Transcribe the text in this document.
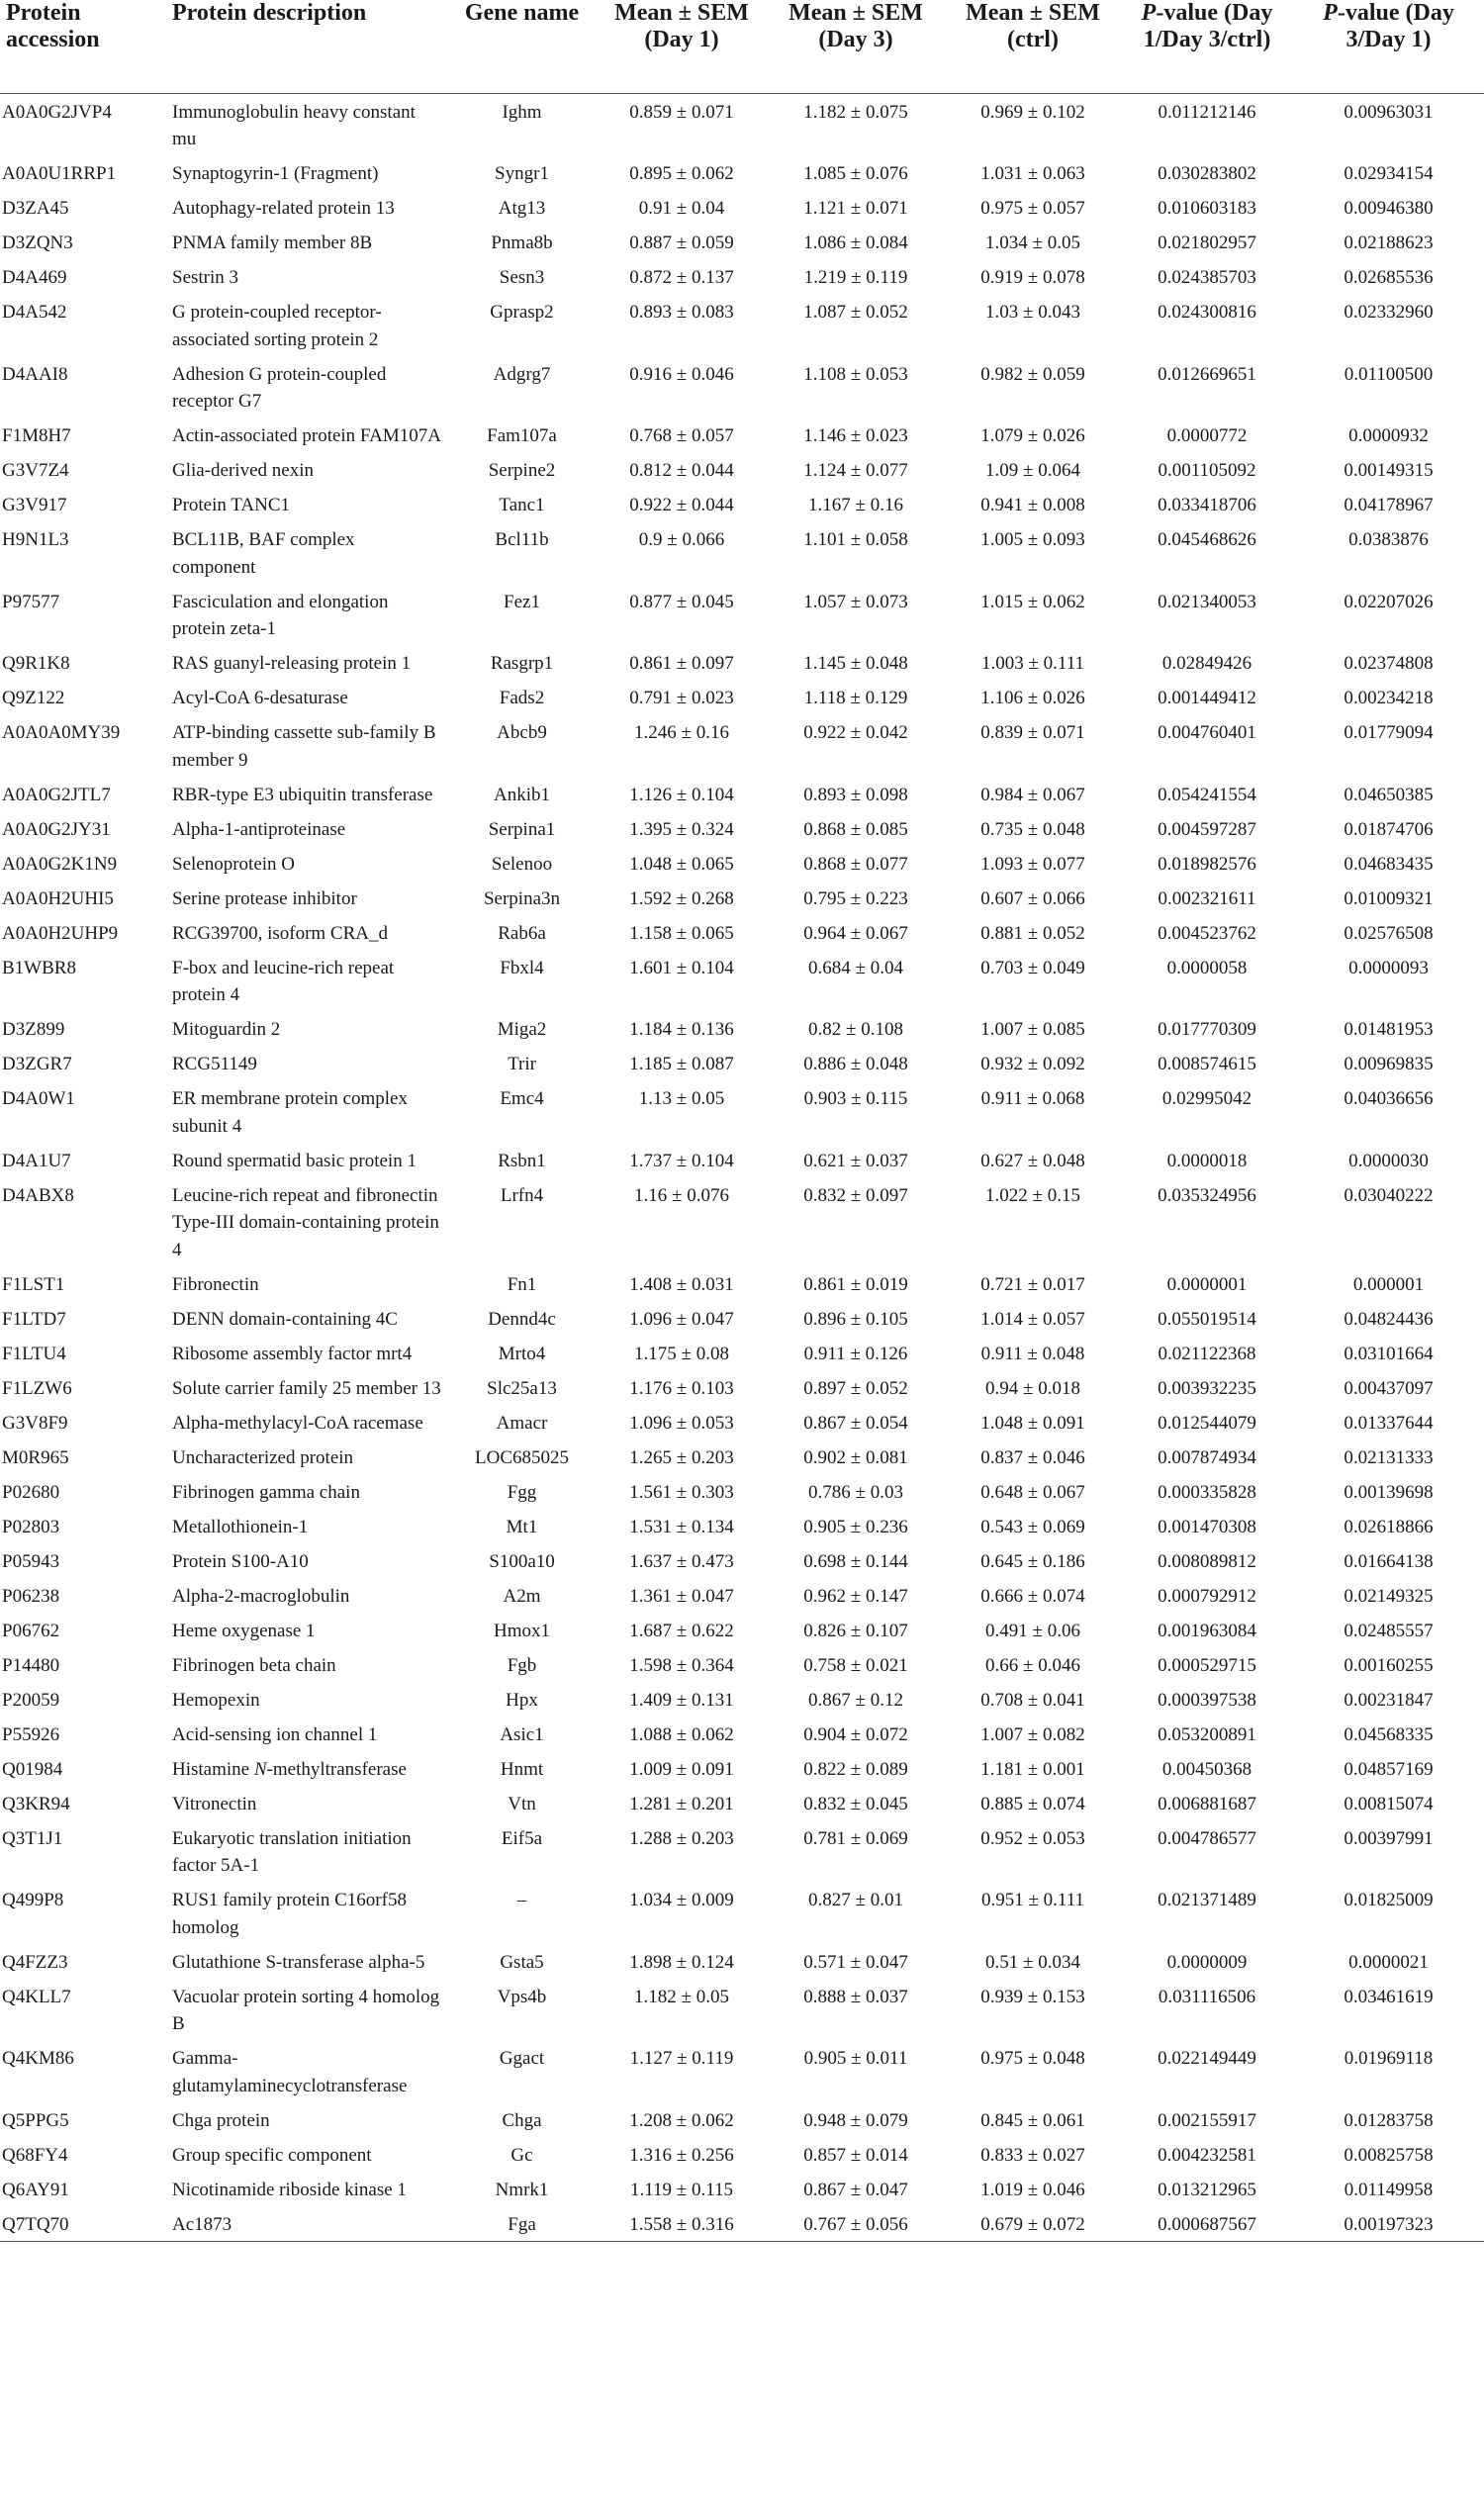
Protein accession	Protein description	Gene name	Mean ± SEM (Day 1)	Mean ± SEM (Day 3)	Mean ± SEM (ctrl)	P-value (Day 1/Day 3/ctrl)	P-value (Day 3/Day 1)
A0A0G2JVP4	Immunoglobulin heavy constant mu	Ighm	0.859 ± 0.071	1.182 ± 0.075	0.969 ± 0.102	0.011212146	0.00963031
A0A0U1RRP1	Synaptogyrin-1 (Fragment)	Syngr1	0.895 ± 0.062	1.085 ± 0.076	1.031 ± 0.063	0.030283802	0.02934154
D3ZA45	Autophagy-related protein 13	Atg13	0.91 ± 0.04	1.121 ± 0.071	0.975 ± 0.057	0.010603183	0.00946380
D3ZQN3	PNMA family member 8B	Pnma8b	0.887 ± 0.059	1.086 ± 0.084	1.034 ± 0.05	0.021802957	0.02188623
D4A469	Sestrin 3	Sesn3	0.872 ± 0.137	1.219 ± 0.119	0.919 ± 0.078	0.024385703	0.02685536
D4A542	G protein-coupled receptor-associated sorting protein 2	Gprasp2	0.893 ± 0.083	1.087 ± 0.052	1.03 ± 0.043	0.024300816	0.02332960
D4AAI8	Adhesion G protein-coupled receptor G7	Adgrg7	0.916 ± 0.046	1.108 ± 0.053	0.982 ± 0.059	0.012669651	0.01100500
F1M8H7	Actin-associated protein FAM107A	Fam107a	0.768 ± 0.057	1.146 ± 0.023	1.079 ± 0.026	0.0000772	0.0000932
G3V7Z4	Glia-derived nexin	Serpine2	0.812 ± 0.044	1.124 ± 0.077	1.09 ± 0.064	0.001105092	0.00149315
G3V917	Protein TANC1	Tanc1	0.922 ± 0.044	1.167 ± 0.16	0.941 ± 0.008	0.033418706	0.04178967
H9N1L3	BCL11B, BAF complex component	Bcl11b	0.9 ± 0.066	1.101 ± 0.058	1.005 ± 0.093	0.045468626	0.0383876
P97577	Fasciculation and elongation protein zeta-1	Fez1	0.877 ± 0.045	1.057 ± 0.073	1.015 ± 0.062	0.021340053	0.02207026
Q9R1K8	RAS guanyl-releasing protein 1	Rasgrp1	0.861 ± 0.097	1.145 ± 0.048	1.003 ± 0.111	0.02849426	0.02374808
Q9Z122	Acyl-CoA 6-desaturase	Fads2	0.791 ± 0.023	1.118 ± 0.129	1.106 ± 0.026	0.001449412	0.00234218
A0A0A0MY39	ATP-binding cassette sub-family B member 9	Abcb9	1.246 ± 0.16	0.922 ± 0.042	0.839 ± 0.071	0.004760401	0.01779094
A0A0G2JTL7	RBR-type E3 ubiquitin transferase	Ankib1	1.126 ± 0.104	0.893 ± 0.098	0.984 ± 0.067	0.054241554	0.04650385
A0A0G2JY31	Alpha-1-antiproteinase	Serpina1	1.395 ± 0.324	0.868 ± 0.085	0.735 ± 0.048	0.004597287	0.01874706
A0A0G2K1N9	Selenoprotein O	Selenoo	1.048 ± 0.065	0.868 ± 0.077	1.093 ± 0.077	0.018982576	0.04683435
A0A0H2UHI5	Serine protease inhibitor	Serpina3n	1.592 ± 0.268	0.795 ± 0.223	0.607 ± 0.066	0.002321611	0.01009321
A0A0H2UHP9	RCG39700, isoform CRA_d	Rab6a	1.158 ± 0.065	0.964 ± 0.067	0.881 ± 0.052	0.004523762	0.02576508
B1WBR8	F-box and leucine-rich repeat protein 4	Fbxl4	1.601 ± 0.104	0.684 ± 0.04	0.703 ± 0.049	0.0000058	0.0000093
D3Z899	Mitoguardin 2	Miga2	1.184 ± 0.136	0.82 ± 0.108	1.007 ± 0.085	0.017770309	0.01481953
D3ZGR7	RCG51149	Trir	1.185 ± 0.087	0.886 ± 0.048	0.932 ± 0.092	0.008574615	0.00969835
D4A0W1	ER membrane protein complex subunit 4	Emc4	1.13 ± 0.05	0.903 ± 0.115	0.911 ± 0.068	0.02995042	0.04036656
D4A1U7	Round spermatid basic protein 1	Rsbn1	1.737 ± 0.104	0.621 ± 0.037	0.627 ± 0.048	0.0000018	0.0000030
D4ABX8	Leucine-rich repeat and fibronectin Type-III domain-containing protein 4	Lrfn4	1.16 ± 0.076	0.832 ± 0.097	1.022 ± 0.15	0.035324956	0.03040222
F1LST1	Fibronectin	Fn1	1.408 ± 0.031	0.861 ± 0.019	0.721 ± 0.017	0.0000001	0.000001
F1LTD7	DENN domain-containing 4C	Dennd4c	1.096 ± 0.047	0.896 ± 0.105	1.014 ± 0.057	0.055019514	0.04824436
F1LTU4	Ribosome assembly factor mrt4	Mrto4	1.175 ± 0.08	0.911 ± 0.126	0.911 ± 0.048	0.021122368	0.03101664
F1LZW6	Solute carrier family 25 member 13	Slc25a13	1.176 ± 0.103	0.897 ± 0.052	0.94 ± 0.018	0.003932235	0.00437097
G3V8F9	Alpha-methylacyl-CoA racemase	Amacr	1.096 ± 0.053	0.867 ± 0.054	1.048 ± 0.091	0.012544079	0.01337644
M0R965	Uncharacterized protein	LOC685025	1.265 ± 0.203	0.902 ± 0.081	0.837 ± 0.046	0.007874934	0.02131333
P02680	Fibrinogen gamma chain	Fgg	1.561 ± 0.303	0.786 ± 0.03	0.648 ± 0.067	0.000335828	0.00139698
P02803	Metallothionein-1	Mt1	1.531 ± 0.134	0.905 ± 0.236	0.543 ± 0.069	0.001470308	0.02618866
P05943	Protein S100-A10	S100a10	1.637 ± 0.473	0.698 ± 0.144	0.645 ± 0.186	0.008089812	0.01664138
P06238	Alpha-2-macroglobulin	A2m	1.361 ± 0.047	0.962 ± 0.147	0.666 ± 0.074	0.000792912	0.02149325
P06762	Heme oxygenase 1	Hmox1	1.687 ± 0.622	0.826 ± 0.107	0.491 ± 0.06	0.001963084	0.02485557
P14480	Fibrinogen beta chain	Fgb	1.598 ± 0.364	0.758 ± 0.021	0.66 ± 0.046	0.000529715	0.00160255
P20059	Hemopexin	Hpx	1.409 ± 0.131	0.867 ± 0.12	0.708 ± 0.041	0.000397538	0.00231847
P55926	Acid-sensing ion channel 1	Asic1	1.088 ± 0.062	0.904 ± 0.072	1.007 ± 0.082	0.053200891	0.04568335
Q01984	Histamine N-methyltransferase	Hnmt	1.009 ± 0.091	0.822 ± 0.089	1.181 ± 0.001	0.00450368	0.04857169
Q3KR94	Vitronectin	Vtn	1.281 ± 0.201	0.832 ± 0.045	0.885 ± 0.074	0.006881687	0.00815074
Q3T1J1	Eukaryotic translation initiation factor 5A-1	Eif5a	1.288 ± 0.203	0.781 ± 0.069	0.952 ± 0.053	0.004786577	0.00397991
Q499P8	RUS1 family protein C16orf58 homolog	–	1.034 ± 0.009	0.827 ± 0.01	0.951 ± 0.111	0.021371489	0.01825009
Q4FZZ3	Glutathione S-transferase alpha-5	Gsta5	1.898 ± 0.124	0.571 ± 0.047	0.51 ± 0.034	0.0000009	0.0000021
Q4KLL7	Vacuolar protein sorting 4 homolog B	Vps4b	1.182 ± 0.05	0.888 ± 0.037	0.939 ± 0.153	0.031116506	0.03461619
Q4KM86	Gamma-glutamylaminecyclotransferase	Ggact	1.127 ± 0.119	0.905 ± 0.011	0.975 ± 0.048	0.022149449	0.01969118
Q5PPG5	Chga protein	Chga	1.208 ± 0.062	0.948 ± 0.079	0.845 ± 0.061	0.002155917	0.01283758
Q68FY4	Group specific component	Gc	1.316 ± 0.256	0.857 ± 0.014	0.833 ± 0.027	0.004232581	0.00825758
Q6AY91	Nicotinamide riboside kinase 1	Nmrk1	1.119 ± 0.115	0.867 ± 0.047	1.019 ± 0.046	0.013212965	0.01149958
Q7TQ70	Ac1873	Fga	1.558 ± 0.316	0.767 ± 0.056	0.679 ± 0.072	0.000687567	0.00197323
